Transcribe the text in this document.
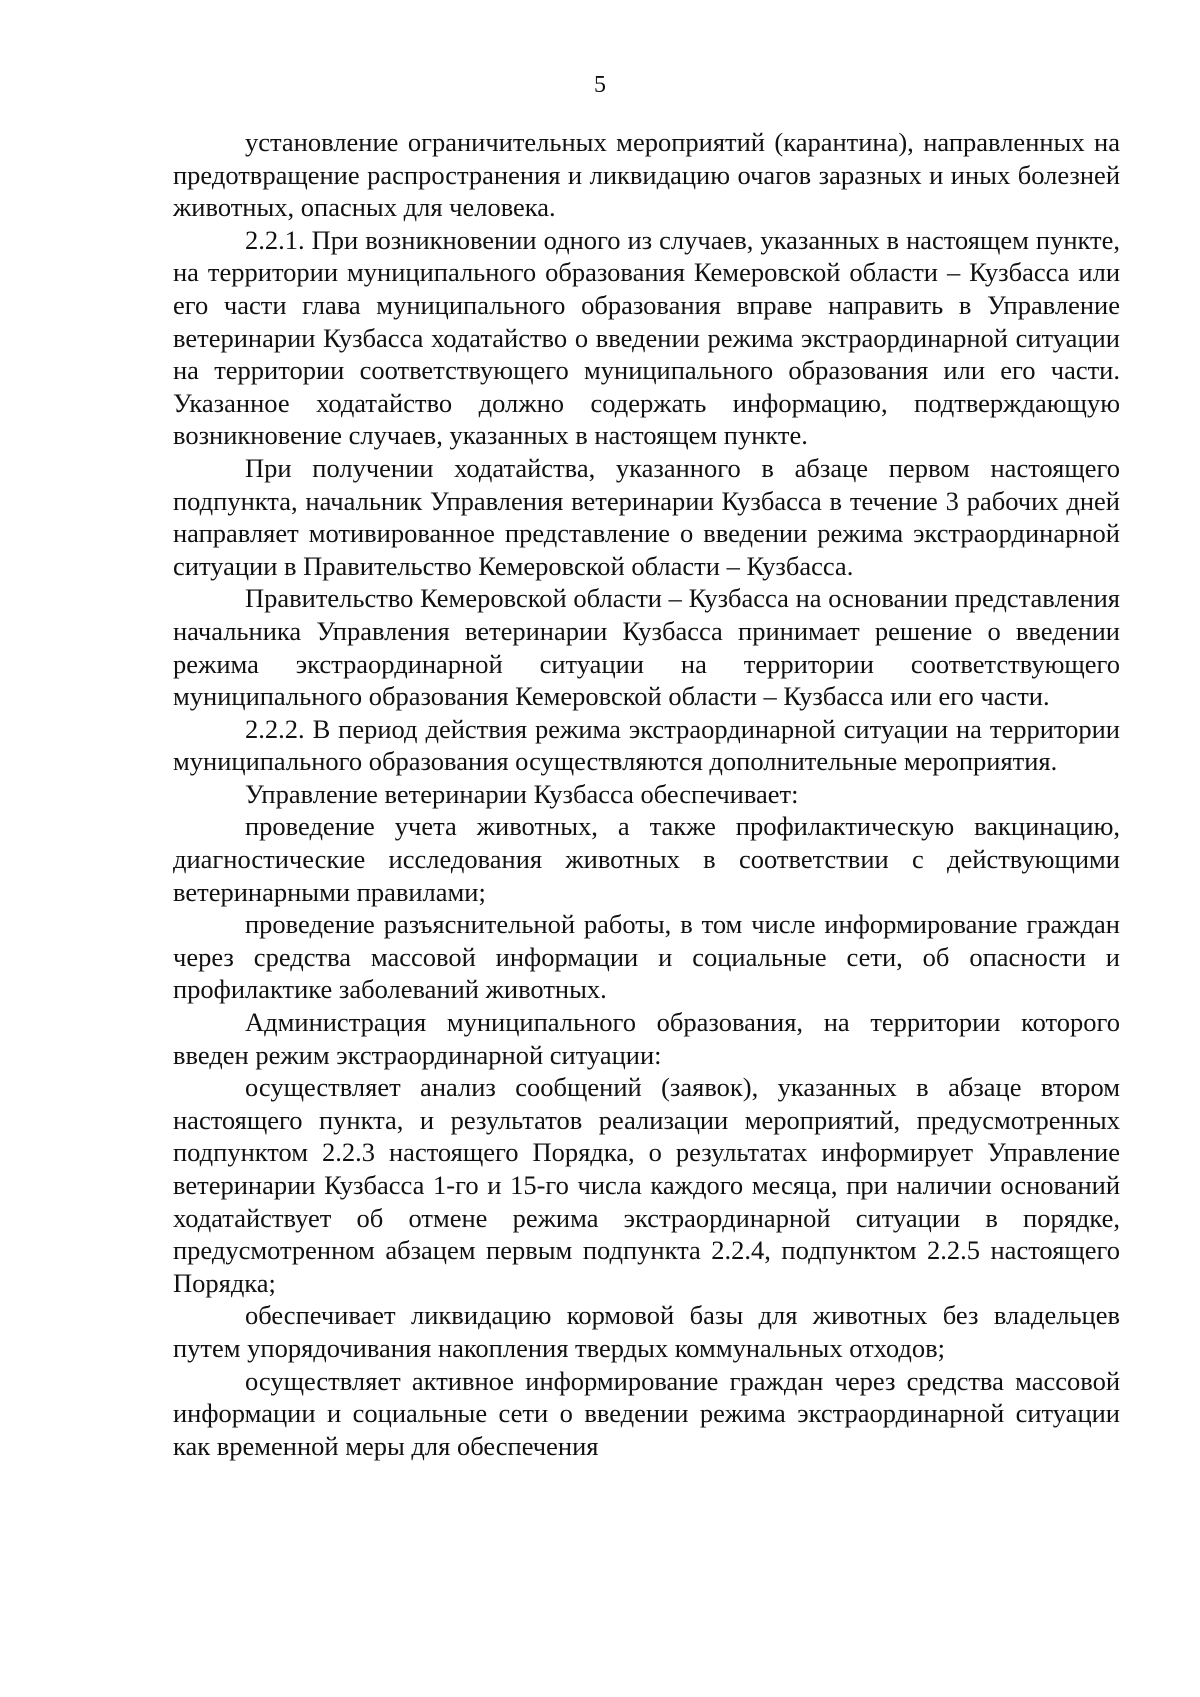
5

установление ограничительных мероприятий (карантина), направленных на предотвращение распространения и ликвидацию очагов заразных и иных болезней животных, опасных для человека.

2.2.1. При возникновении одного из случаев, указанных в настоящем пункте, на территории муниципального образования Кемеровской области – Кузбасса или его части глава муниципального образования вправе направить в Управление ветеринарии Кузбасса ходатайство о введении режима экстраординарной ситуации на территории соответствующего муниципального образования или его части. Указанное ходатайство должно содержать информацию, подтверждающую возникновение случаев, указанных в настоящем пункте.

При получении ходатайства, указанного в абзаце первом настоящего подпункта, начальник Управления ветеринарии Кузбасса в течение 3 рабочих дней направляет мотивированное представление о введении режима экстраординарной ситуации в Правительство Кемеровской области – Кузбасса.

Правительство Кемеровской области – Кузбасса на основании представления начальника Управления ветеринарии Кузбасса принимает решение о введении режима экстраординарной ситуации на территории соответствующего муниципального образования Кемеровской области – Кузбасса или его части.

2.2.2. В период действия режима экстраординарной ситуации на территории муниципального образования осуществляются дополнительные мероприятия.

Управление ветеринарии Кузбасса обеспечивает:

проведение учета животных, а также профилактическую вакцинацию, диагностические исследования животных в соответствии с действующими ветеринарными правилами;

проведение разъяснительной работы, в том числе информирование граждан через средства массовой информации и социальные сети, об опасности и профилактике заболеваний животных.

Администрация муниципального образования, на территории которого введен режим экстраординарной ситуации:

осуществляет анализ сообщений (заявок), указанных в абзаце втором настоящего пункта, и результатов реализации мероприятий, предусмотренных подпунктом 2.2.3 настоящего Порядка, о результатах информирует Управление ветеринарии Кузбасса 1-го и 15-го числа каждого месяца, при наличии оснований ходатайствует об отмене режима экстраординарной ситуации в порядке, предусмотренном абзацем первым подпункта 2.2.4, подпунктом 2.2.5 настоящего Порядка;

обеспечивает ликвидацию кормовой базы для животных без владельцев путем упорядочивания накопления твердых коммунальных отходов;

осуществляет активное информирование граждан через средства массовой информации и социальные сети о введении режима экстраординарной ситуации как временной меры для обеспечения
